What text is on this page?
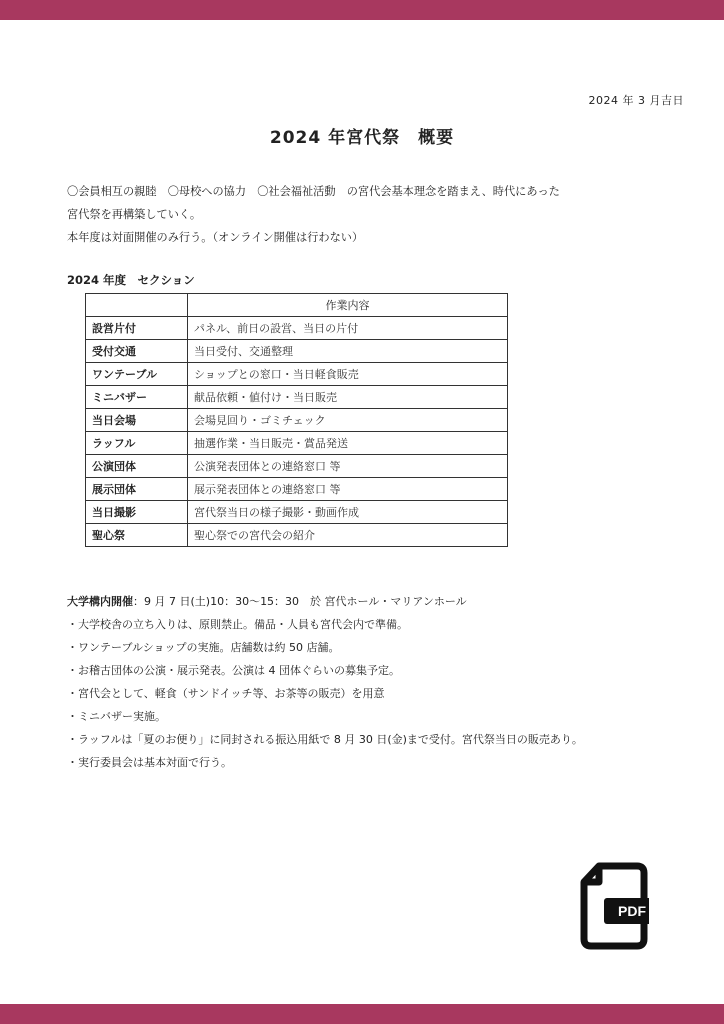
2024 年 3 月吉日
2024 年宮代祭　概要
〇会員相互の親睦　〇母校への協力　〇社会福祉活動　の宮代会基本理念を踏まえ、時代にあった
宮代祭を再構築していく。
本年度は対面開催のみ行う。（オンライン開催は行わない）
2024 年度　セクション
	作業内容
設営片付	パネル、前日の設営、当日の片付
受付交通	当日受付、交通整理
ワンテーブル	ショップとの窓口・当日軽食販売
ミニバザー	献品依頼・値付け・当日販売
当日会場	会場見回り・ゴミチェック
ラッフル	抽選作業・当日販売・賞品発送
公演団体	公演発表団体との連絡窓口 等
展示団体	展示発表団体との連絡窓口 等
当日撮影	宮代祭当日の様子撮影・動画作成
聖心祭	聖心祭での宮代会の紹介
大学構内開催：9 月 7 日(土)10：30～15：30　於 宮代ホール・マリアンホール
・大学校舎の立ち入りは、原則禁止。備品・人員も宮代会内で準備。
・ワンテーブルショップの実施。店舗数は約 50 店舗。
・お稽古団体の公演・展示発表。公演は 4 団体ぐらいの募集予定。
・宮代会として、軽食（サンドイッチ等、お茶等の販売）を用意
・ミニバザー実施。
・ラッフルは「夏のお便り」に同封される振込用紙で 8 月 30 日(金)まで受付。宮代祭当日の販売あり。
・実行委員会は基本対面で行う。
PDF
